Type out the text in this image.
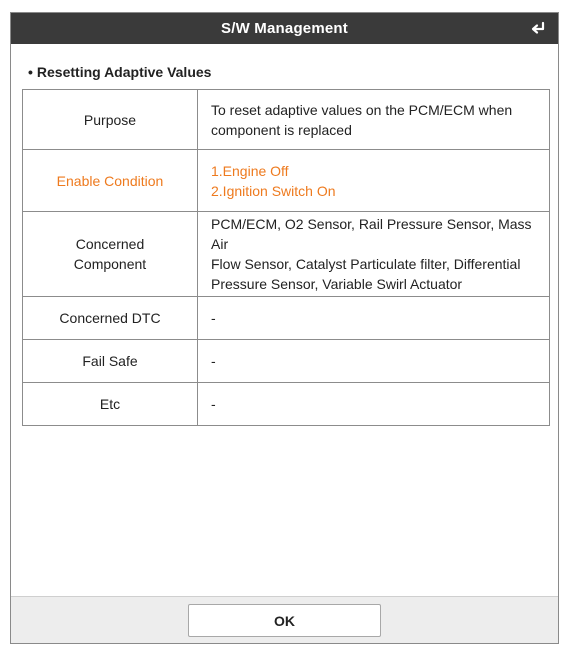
S/W Management
• Resetting Adaptive Values
Purpose	To reset adaptive values on the PCM/ECM when
component is replaced

Enable Condition	1.Engine Off
2.Ignition Switch On

Concerned
Component	PCM/ECM, O2 Sensor, Rail Pressure Sensor, Mass Air
Flow Sensor, Catalyst Particulate filter, Differential
Pressure Sensor, Variable Swirl Actuator

Concerned DTC	-
Fail Safe	-
Etc	-
OK
